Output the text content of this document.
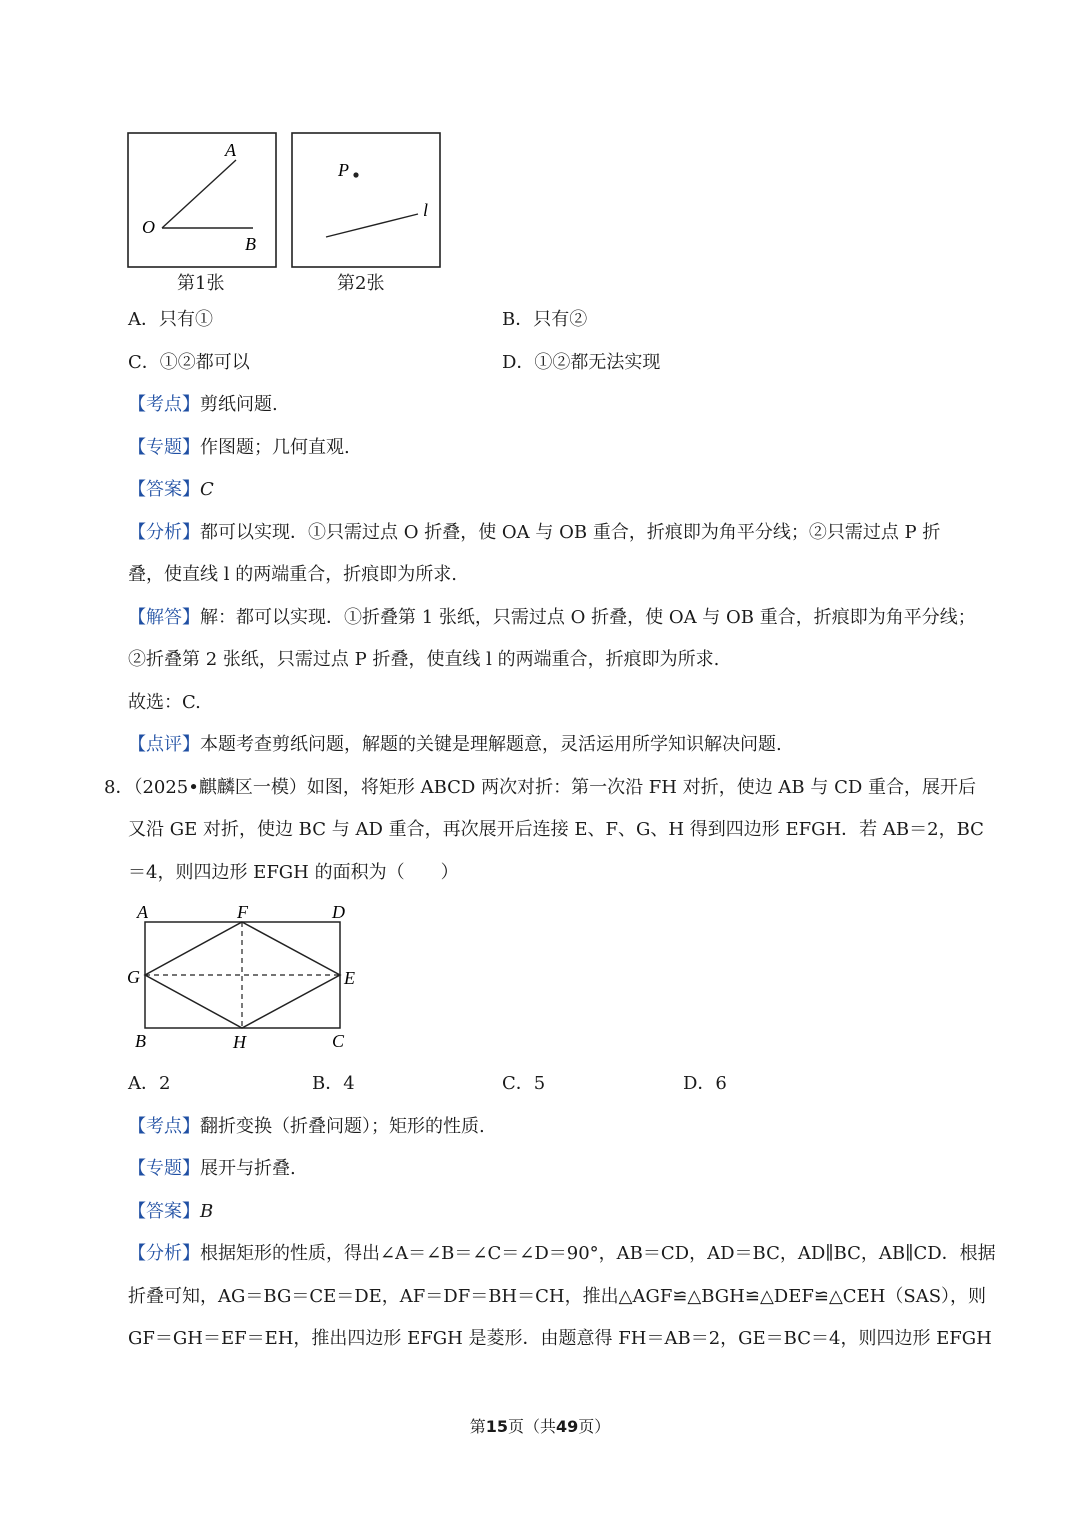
A
O
B
P
l
第1张	第2张
A．只有①	B．只有②
C．①②都可以	D．①②都无法实现
【考点】剪纸问题.
【专题】作图题；几何直观.
【答案】C
【分析】都可以实现．①只需过点 O 折叠，使 OA 与 OB 重合，折痕即为角平分线；②只需过点 P 折
叠，使直线 l 的两端重合，折痕即为所求.
【解答】解：都可以实现．①折叠第 1 张纸，只需过点 O 折叠，使 OA 与 OB 重合，折痕即为角平分线；
②折叠第 2 张纸，只需过点 P 折叠，使直线 l 的两端重合，折痕即为所求.
故选：C.
【点评】本题考查剪纸问题，解题的关键是理解题意，灵活运用所学知识解决问题.
8．（2025•麒麟区一模）如图，将矩形 ABCD 两次对折：第一次沿 FH 对折，使边 AB 与 CD 重合，展开后
又沿 GE 对折，使边 BC 与 AD 重合，再次展开后连接 E、F、G、H 得到四边形 EFGH．若 AB＝2，BC
＝4，则四边形 EFGH 的面积为（　　）
A	F	D
G	E
B	H	C
A．2	B．4	C．5	D．6
【考点】翻折变换（折叠问题）；矩形的性质.
【专题】展开与折叠.
【答案】B
【分析】根据矩形的性质，得出∠A＝∠B＝∠C＝∠D＝90°，AB＝CD，AD＝BC，AD∥BC，AB∥CD．根据
折叠可知，AG＝BG＝CE＝DE，AF＝DF＝BH＝CH，推出△AGF≌△BGH≌△DEF≌△CEH（SAS），则
GF＝GH＝EF＝EH，推出四边形 EFGH 是菱形．由题意得 FH＝AB＝2，GE＝BC＝4，则四边形 EFGH
第15页（共49页）
